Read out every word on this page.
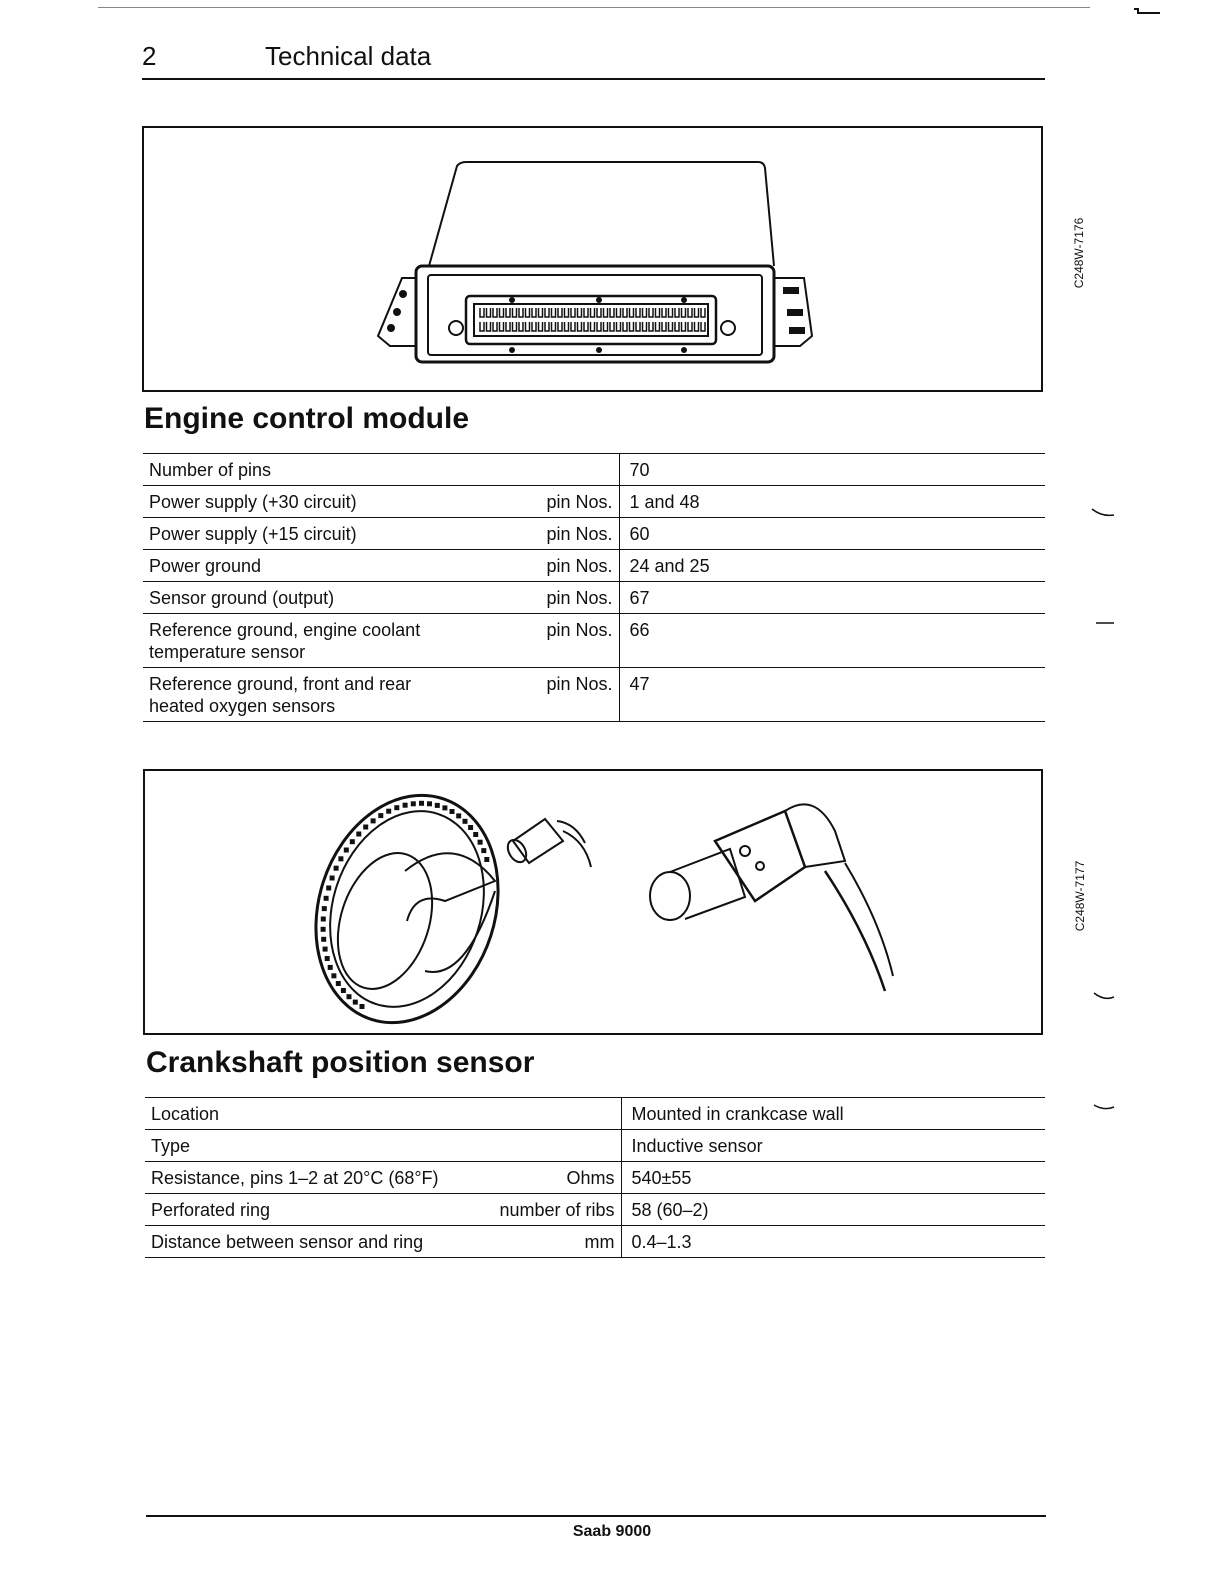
2	Technical data
C248W-7176
Engine control module
Number of pins		70
Power supply (+30 circuit)	pin Nos.	1 and 48
Power supply (+15 circuit)	pin Nos.	60
Power ground	pin Nos.	24 and 25
Sensor ground (output)	pin Nos.	67
Reference ground, engine coolant temperature sensor	pin Nos.	66
Reference ground, front and rear heated oxygen sensors	pin Nos.	47
C248W-7177
Crankshaft position sensor
Location		Mounted in crankcase wall
Type		Inductive sensor
Resistance, pins 1–2 at 20°C (68°F)	Ohms	540±55
Perforated ring	number of ribs	58 (60–2)
Distance between sensor and ring	mm	0.4–1.3
Saab 9000
